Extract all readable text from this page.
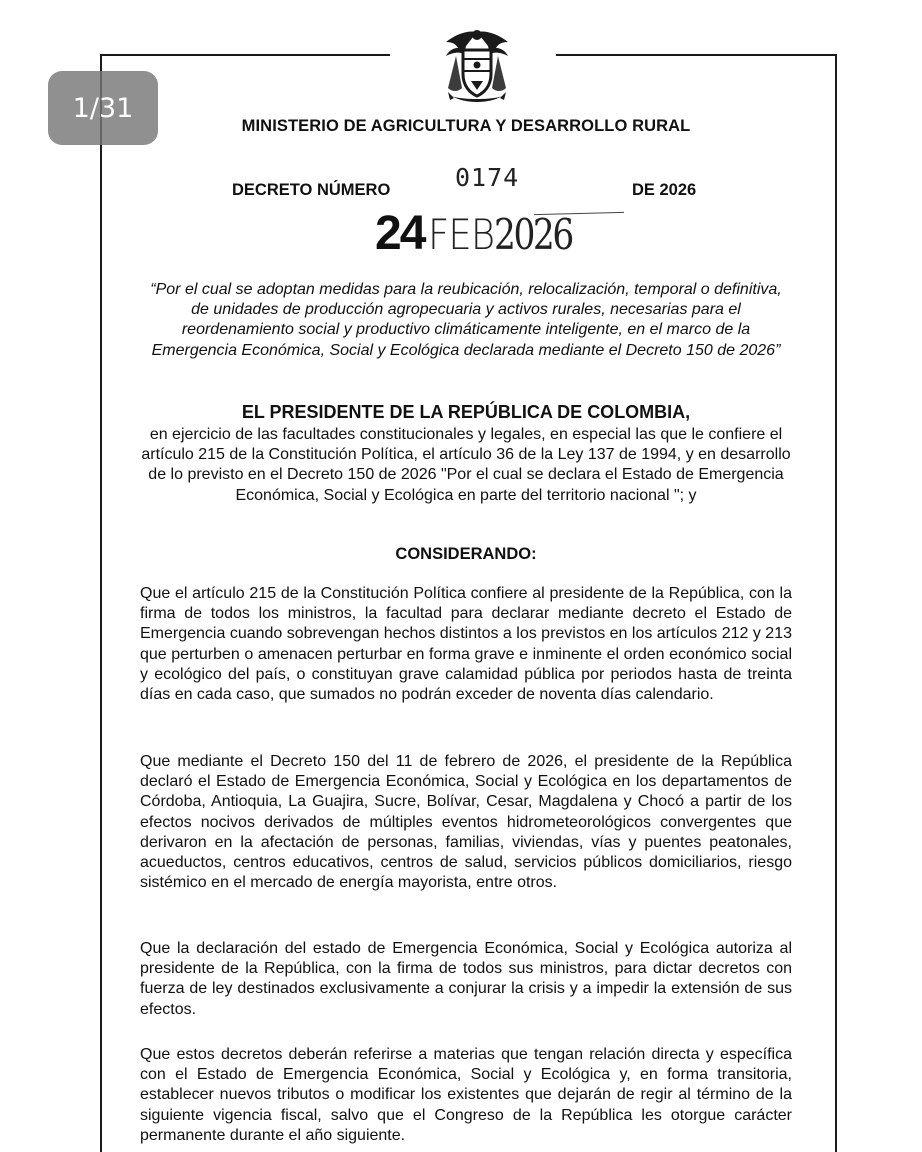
1/31
MINISTERIO DE AGRICULTURA Y DESARROLLO RURAL
DECRETO NÚMERO	0174	DE 2026
24 FEB 2026
“Por el cual se adoptan medidas para la reubicación, relocalización, temporal o definitiva, de unidades de producción agropecuaria y activos rurales, necesarias para el reordenamiento social y productivo climáticamente inteligente, en el marco de la Emergencia Económica, Social y Ecológica declarada mediante el Decreto 150 de 2026”
EL PRESIDENTE DE LA REPÚBLICA DE COLOMBIA,
en ejercicio de las facultades constitucionales y legales, en especial las que le confiere el artículo 215 de la Constitución Política, el artículo 36 de la Ley 137 de 1994, y en desarrollo de lo previsto en el Decreto 150 de 2026 "Por el cual se declara el Estado de Emergencia Económica, Social y Ecológica en parte del territorio nacional "; y
CONSIDERANDO:
Que el artículo 215 de la Constitución Política confiere al presidente de la República, con la firma de todos los ministros, la facultad para declarar mediante decreto el Estado de Emergencia cuando sobrevengan hechos distintos a los previstos en los artículos 212 y 213 que perturben o amenacen perturbar en forma grave e inminente el orden económico social y ecológico del país, o constituyan grave calamidad pública por periodos hasta de treinta días en cada caso, que sumados no podrán exceder de noventa días calendario.
Que mediante el Decreto 150 del 11 de febrero de 2026, el presidente de la República declaró el Estado de Emergencia Económica, Social y Ecológica en los departamentos de Córdoba, Antioquia, La Guajira, Sucre, Bolívar, Cesar, Magdalena y Chocó a partir de los efectos nocivos derivados de múltiples eventos hidrometeorológicos convergentes que derivaron en la afectación de personas, familias, viviendas, vías y puentes peatonales, acueductos, centros educativos, centros de salud, servicios públicos domiciliarios, riesgo sistémico en el mercado de energía mayorista, entre otros.
Que la declaración del estado de Emergencia Económica, Social y Ecológica autoriza al presidente de la República, con la firma de todos sus ministros, para dictar decretos con fuerza de ley destinados exclusivamente a conjurar la crisis y a impedir la extensión de sus efectos.
Que estos decretos deberán referirse a materias que tengan relación directa y específica con el Estado de Emergencia Económica, Social y Ecológica y, en forma transitoria, establecer nuevos tributos o modificar los existentes que dejarán de regir al término de la siguiente vigencia fiscal, salvo que el Congreso de la República les otorgue carácter permanente durante el año siguiente.
